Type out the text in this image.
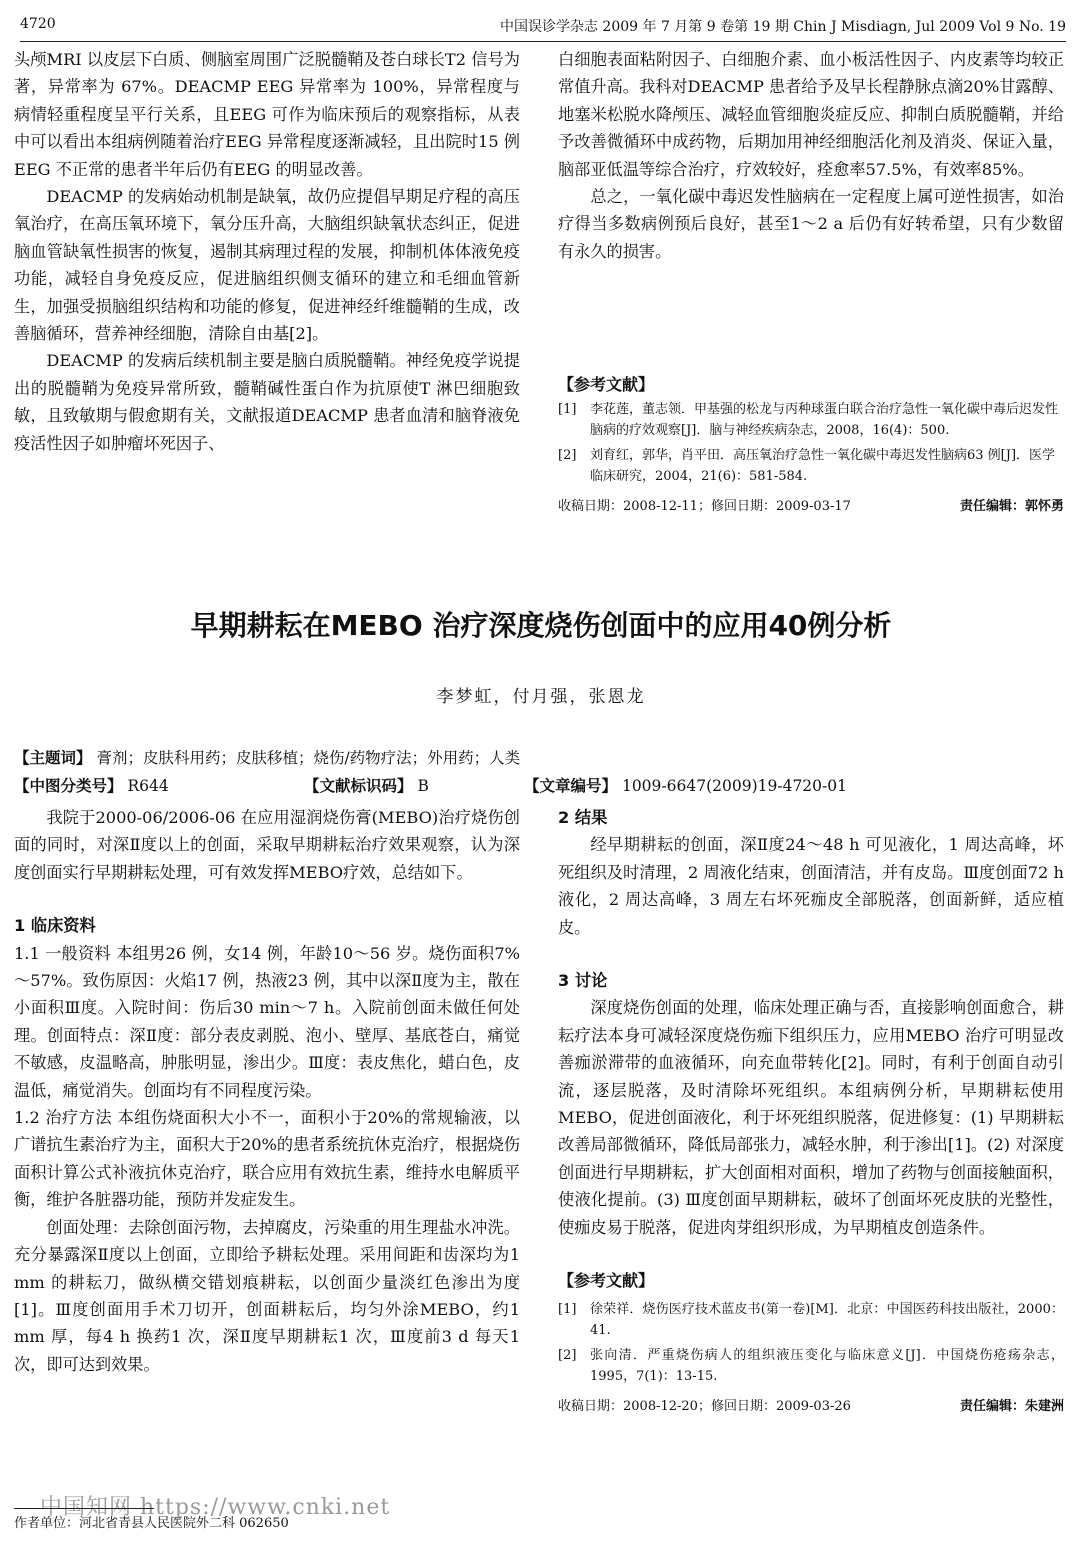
4720	中国误诊学杂志 2009 年 7 月第 9 卷第 19 期 Chin J Misdiagn, Jul 2009 Vol 9 No. 19

头颅MRI 以皮层下白质、侧脑室周围广泛脱髓鞘及苍白球长T2 信号为著，异常率为 67%。DEACMP EEG 异常率为 100%，异常程度与病情轻重程度呈平行关系，且EEG 可作为临床预后的观察指标，从表中可以看出本组病例随着治疗EEG 异常程度逐渐减轻，且出院时15 例EEG 不正常的患者半年后仍有EEG 的明显改善。

DEACMP 的发病始动机制是缺氧，故仍应提倡早期足疗程的高压氧治疗，在高压氧环境下，氧分压升高，大脑组织缺氧状态纠正，促进脑血管缺氧性损害的恢复，遏制其病理过程的发展，抑制机体体液免疫功能，减轻自身免疫反应，促进脑组织侧支循环的建立和毛细血管新生，加强受损脑组织结构和功能的修复，促进神经纤维髓鞘的生成，改善脑循环，营养神经细胞，清除自由基[2]。

DEACMP 的发病后续机制主要是脑白质脱髓鞘。神经免疫学说提出的脱髓鞘为免疫异常所致，髓鞘碱性蛋白作为抗原使T 淋巴细胞致敏，且致敏期与假愈期有关，文献报道DEACMP 患者血清和脑脊液免疫活性因子如肿瘤坏死因子、

白细胞表面粘附因子、白细胞介素、血小板活性因子、内皮素等均较正常值升高。我科对DEACMP 患者给予及早长程静脉点滴20%甘露醇、地塞米松脱水降颅压、减轻血管细胞炎症反应、抑制白质脱髓鞘，并给予改善微循环中成药物，后期加用神经细胞活化剂及消炎、保证入量，脑部亚低温等综合治疗，疗效较好，痊愈率57.5%，有效率85%。

总之，一氧化碳中毒迟发性脑病在一定程度上属可逆性损害，如治疗得当多数病例预后良好，甚至1～2 a 后仍有好转希望，只有少数留有永久的损害。

【参考文献】
[1]	李花莲，董志领．甲基强的松龙与丙种球蛋白联合治疗急性一氧化碳中毒后迟发性脑病的疗效观察[J]．脑与神经疾病杂志，2008，16(4)：500.
[2]	刘育红，郭华，肖平田．高压氧治疗急性一氧化碳中毒迟发性脑病63 例[J]．医学临床研究，2004，21(6)：581-584.
收稿日期：2008-12-11；修回日期：2009-03-17	责任编辑：郭怀勇
早期耕耘在MEBO 治疗深度烧伤创面中的应用40例分析
李梦虹，付月强，张恩龙
【主题词】 膏剂；皮肤科用药；皮肤移植；烧伤/药物疗法；外用药；人类
【中图分类号】 R644	【文献标识码】 B	【文章编号】 1009-6647(2009)19-4720-01

我院于2000-06/2006-06 在应用湿润烧伤膏(MEBO)治疗烧伤创面的同时，对深Ⅱ度以上的创面，采取早期耕耘治疗效果观察，认为深度创面实行早期耕耘处理，可有效发挥MEBO疗效，总结如下。

1 临床资料

1.1 一般资料 本组男26 例，女14 例，年龄10～56 岁。烧伤面积7%～57%。致伤原因：火焰17 例，热液23 例，其中以深Ⅱ度为主，散在小面积Ⅲ度。入院时间：伤后30 min～7 h。入院前创面未做任何处理。创面特点：深Ⅱ度：部分表皮剥脱、泡小、壁厚、基底苍白，痛觉不敏感，皮温略高，肿胀明显，渗出少。Ⅲ度：表皮焦化，蜡白色，皮温低，痛觉消失。创面均有不同程度污染。

1.2 治疗方法 本组伤烧面积大小不一，面积小于20%的常规输液，以广谱抗生素治疗为主，面积大于20%的患者系统抗休克治疗，根据烧伤面积计算公式补液抗休克治疗，联合应用有效抗生素，维持水电解质平衡，维护各脏器功能，预防并发症发生。

创面处理：去除创面污物，去掉腐皮，污染重的用生理盐水冲洗。充分暴露深Ⅱ度以上创面，立即给予耕耘处理。采用间距和齿深均为1 mm 的耕耘刀，做纵横交错划痕耕耘，以创面少量淡红色渗出为度[1]。Ⅲ度创面用手术刀切开，创面耕耘后，均匀外涂MEBO，约1 mm 厚，每4 h 换药1 次，深Ⅱ度早期耕耘1 次，Ⅲ度前3 d 每天1 次，即可达到效果。

2 结果

经早期耕耘的创面，深Ⅱ度24～48 h 可见液化，1 周达高峰，坏死组织及时清理，2 周液化结束，创面清洁，并有皮岛。Ⅲ度创面72 h 液化，2 周达高峰，3 周左右坏死痂皮全部脱落，创面新鲜，适应植皮。

3 讨论

深度烧伤创面的处理，临床处理正确与否，直接影响创面愈合，耕耘疗法本身可减轻深度烧伤痂下组织压力，应用MEBO 治疗可明显改善痂淤滞带的血液循环，向充血带转化[2]。同时，有利于创面自动引流，逐层脱落，及时清除坏死组织。本组病例分析，早期耕耘使用MEBO，促进创面液化，利于坏死组织脱落，促进修复：(1) 早期耕耘改善局部微循环，降低局部张力，减轻水肿，利于渗出[1]。(2) 对深度创面进行早期耕耘，扩大创面相对面积，增加了药物与创面接触面积，使液化提前。(3) Ⅲ度创面早期耕耘，破坏了创面坏死皮肤的光整性，使痂皮易于脱落，促进肉芽组织形成，为早期植皮创造条件。

【参考文献】
[1]	徐荣祥．烧伤医疗技术蓝皮书(第一卷)[M]．北京：中国医药科技出版社，2000：41.
[2]	张向清．严重烧伤病人的组织液压变化与临床意义[J]．中国烧伤疮疡杂志，1995，7(1)：13-15.
收稿日期：2008-12-20；修回日期：2009-03-26	责任编辑：朱建洲
中国知网 https://www.cnki.net
作者单位：河北省青县人民医院外二科 062650
